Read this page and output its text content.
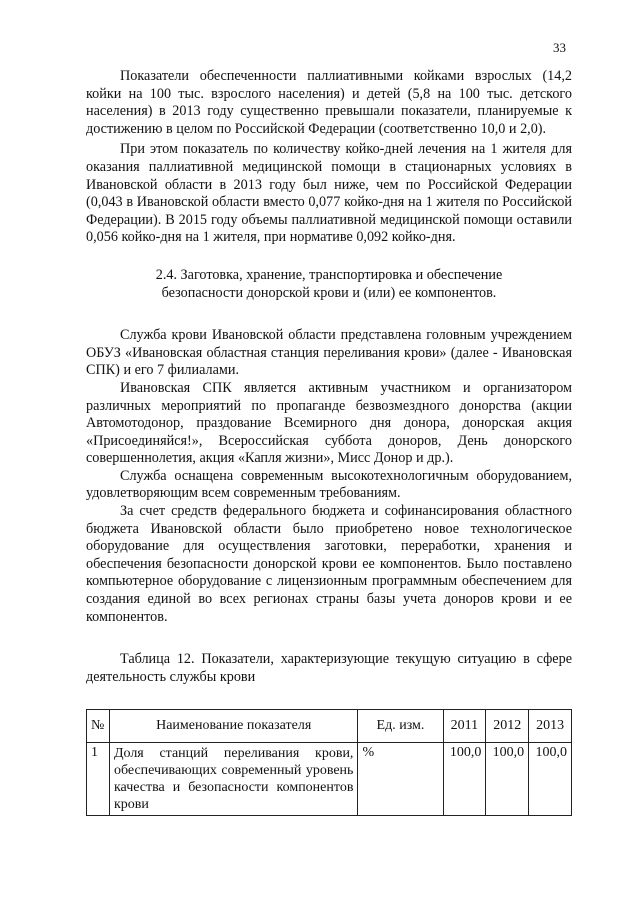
33

Показатели обеспеченности паллиативными койками взрослых (14,2 койки на 100 тыс. взрослого населения) и детей (5,8 на 100 тыс. детского населения) в 2013 году существенно превышали показатели, планируемые к достижению в целом по Российской Федерации (соответственно 10,0 и 2,0).

При этом показатель по количеству койко-дней лечения на 1 жителя для оказания паллиативной медицинской помощи в стационарных условиях в Ивановской области в 2013 году был ниже, чем по Российской Федерации (0,043 в Ивановской области вместо 0,077 койко-дня на 1 жителя по Российской Федерации). В 2015 году объемы паллиативной медицинской помощи оставили 0,056 койко-дня на 1 жителя, при нормативе 0,092 койко-дня.

2.4. Заготовка, хранение, транспортировка и обеспечение безопасности донорской крови и (или) ее компонентов.

Служба крови Ивановской области представлена головным учреждением ОБУЗ «Ивановская областная станция переливания крови» (далее - Ивановская СПК) и его 7 филиалами.

Ивановская СПК является активным участником и организатором различных мероприятий по пропаганде безвозмездного донорства (акции Автомотодонор, праздование Всемирного дня донора, донорская акция «Присоединяйся!», Всероссийская суббота доноров, День донорского совершеннолетия, акция «Капля жизни», Мисс Донор и др.).

Служба оснащена современным высокотехнологичным оборудованием, удовлетворяющим всем современным требованиям.

За счет средств федерального бюджета и софинансирования областного бюджета Ивановской области было приобретено новое технологическое оборудование для осуществления заготовки, переработки, хранения и обеспечения безопасности донорской крови ее компонентов. Было поставлено компьютерное оборудование с лицензионным программным обеспечением для создания единой во всех регионах страны базы учета доноров крови и ее компонентов.

Таблица 12. Показатели, характеризующие текущую ситуацию в сфере деятельность службы крови

№	Наименование показателя	Ед. изм.	2011	2012	2013
1	Доля станций переливания крови, обеспечивающих современный уровень качества и безопасности компонентов крови	%	100,0	100,0	100,0
